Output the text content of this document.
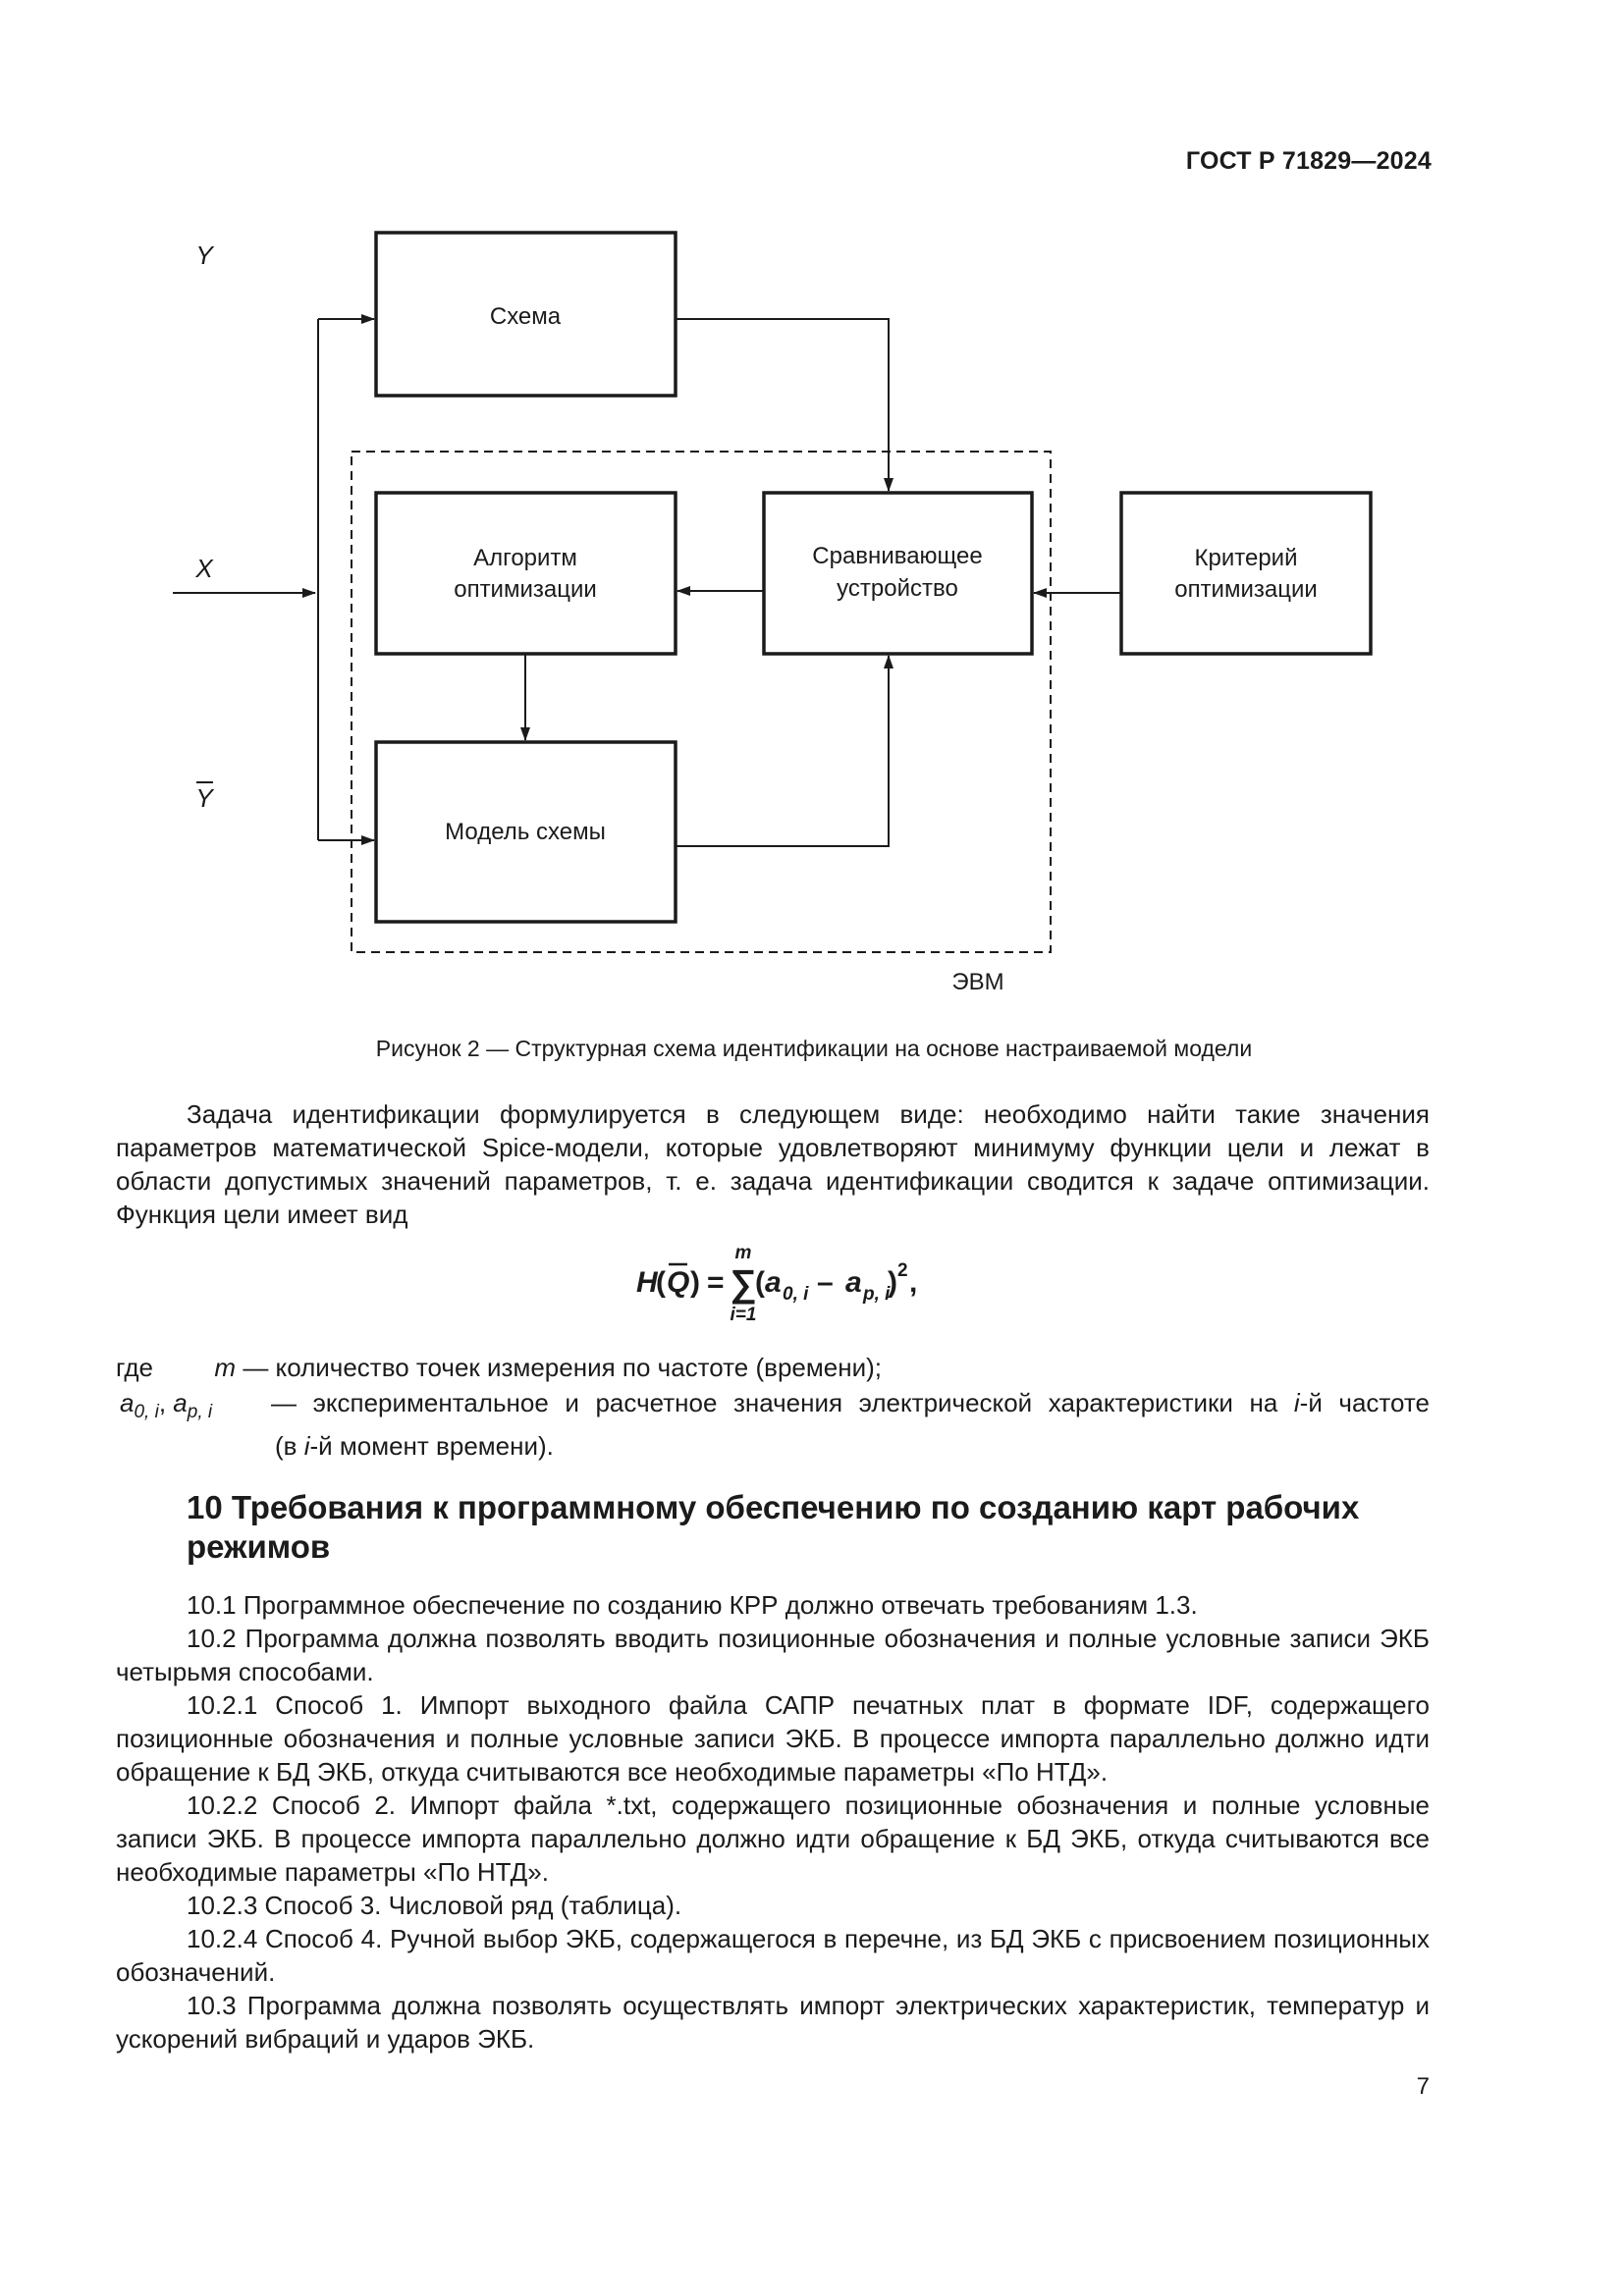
ГОСТ Р 71829—2024
Схема
Алгоритм
оптимизации
Сравнивающее
устройство
Критерий
оптимизации
Модель схемы
Y
X
Y
ЭВМ
Рисунок 2 — Структурная схема идентификации на основе настраиваемой модели
Задача идентификации формулируется в следующем виде: необходимо найти такие значения параметров математической Spice-модели, которые удовлетворяют минимуму функции цели и лежат в области допустимых значений параметров, т. е. задача идентификации сводится к задаче оптимизации. Функция цели имеет вид
H
( Q ) =
m
∑
i=1
( a 0, i – a p, i
) 2 ,
где m — количество точек измерения по частоте (времени);
$a_{0, i}$, $a_{p, i}$	— экспериментальное и расчетное значения электрической характеристики на i-й частоте
(в i-й момент времени).
10 Требования к программному обеспечению по созданию карт рабочих режимов
10.1 Программное обеспечение по созданию КРР должно отвечать требованиям 1.3.
10.2 Программа должна позволять вводить позиционные обозначения и полные условные записи ЭКБ четырьмя способами.
10.2.1 Способ 1. Импорт выходного файла САПР печатных плат в формате IDF, содержащего позиционные обозначения и полные условные записи ЭКБ. В процессе импорта параллельно должно идти обращение к БД ЭКБ, откуда считываются все необходимые параметры «По НТД».
10.2.2 Способ 2. Импорт файла *.txt, содержащего позиционные обозначения и полные условные записи ЭКБ. В процессе импорта параллельно должно идти обращение к БД ЭКБ, откуда считываются все необходимые параметры «По НТД».
10.2.3 Способ 3. Числовой ряд (таблица).
10.2.4 Способ 4. Ручной выбор ЭКБ, содержащегося в перечне, из БД ЭКБ с присвоением позиционных обозначений.
10.3 Программа должна позволять осуществлять импорт электрических характеристик, температур и ускорений вибраций и ударов ЭКБ.
7
